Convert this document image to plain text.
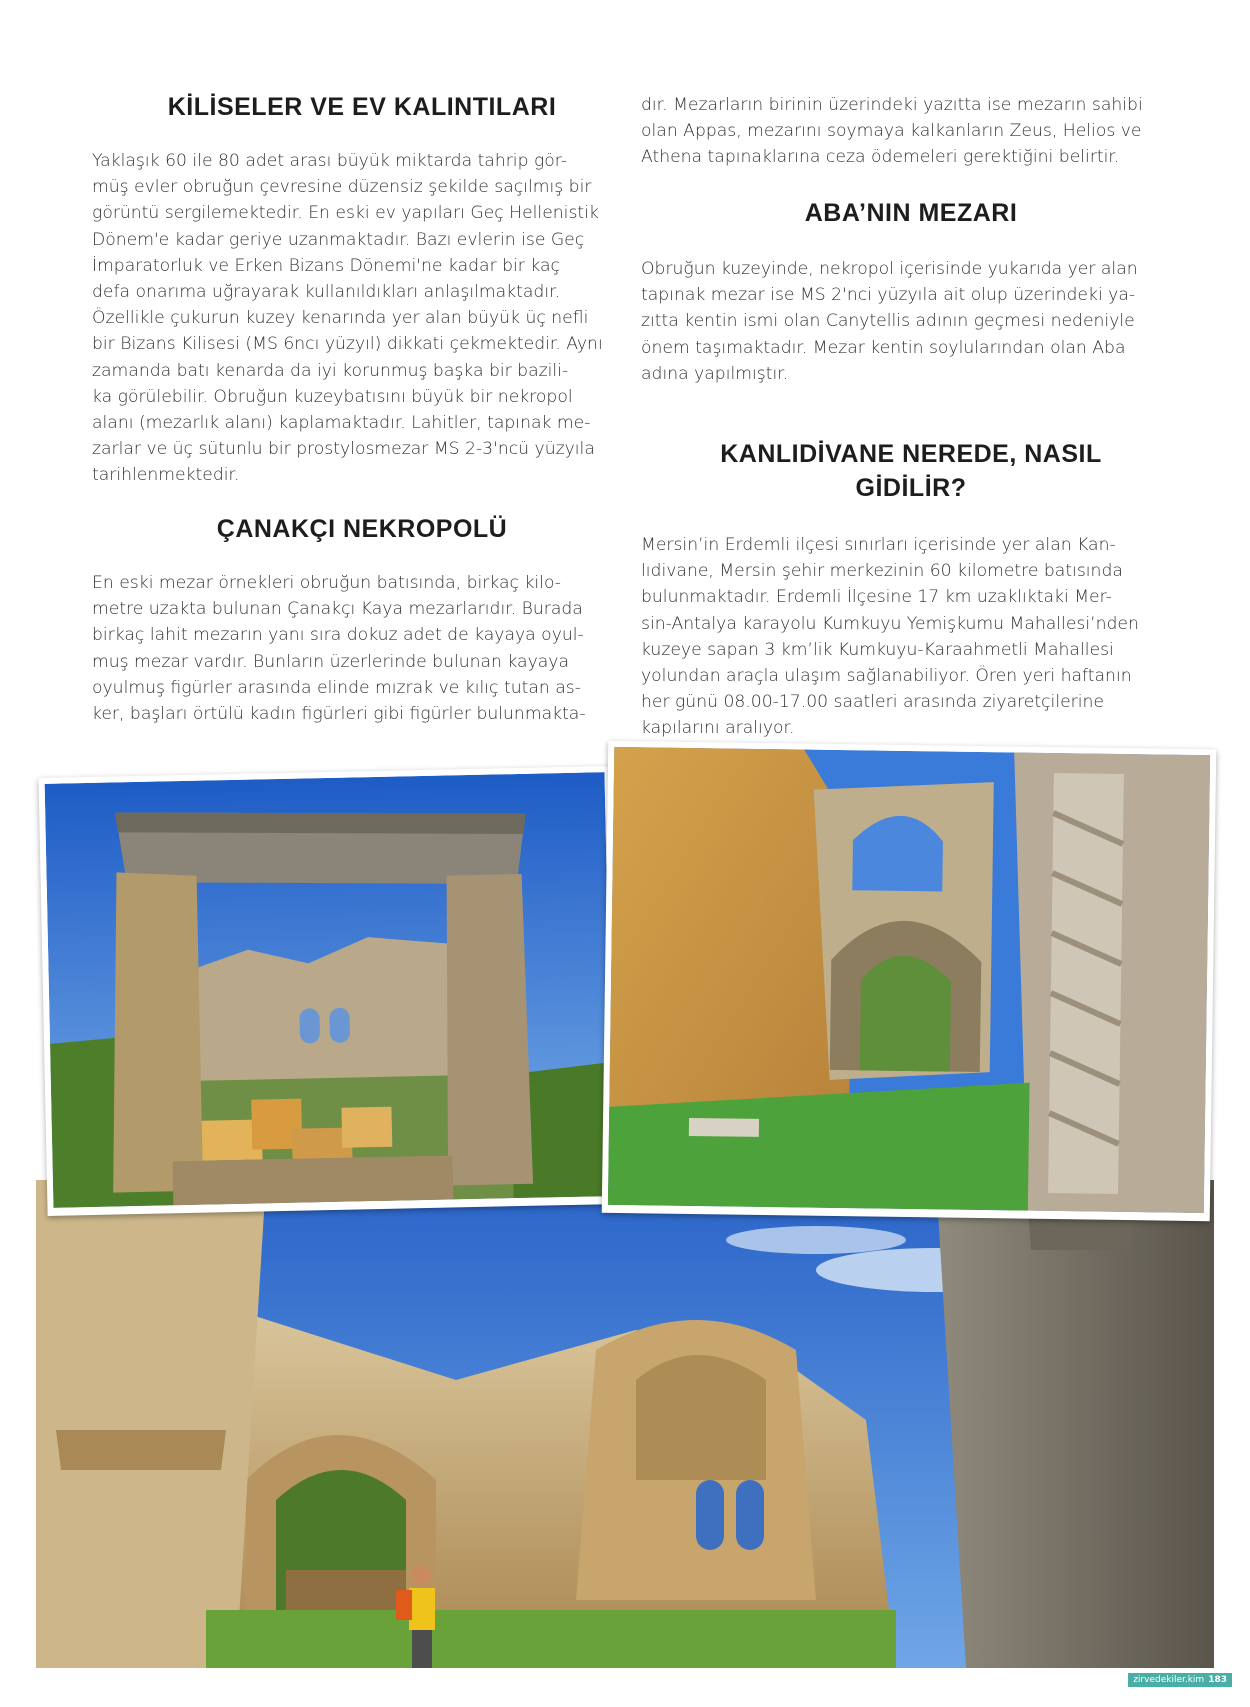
KİLİSELER VE EV KALINTILARI

Yaklaşık 60 ile 80 adet arası büyük miktarda tahrip gör-
müş evler obruğun çevresine düzensiz şekilde saçılmış bir
görüntü sergilemektedir. En eski ev yapıları Geç Hellenistik
Dönem'e kadar geriye uzanmaktadır. Bazı evlerin ise Geç
İmparatorluk ve Erken Bizans Dönemi'ne kadar bir kaç
defa onarıma uğrayarak kullanıldıkları anlaşılmaktadır.
Özellikle çukurun kuzey kenarında yer alan büyük üç nefli
bir Bizans Kilisesi (MS 6ncı yüzyıl) dikkati çekmektedir. Aynı
zamanda batı kenarda da iyi korunmuş başka bir bazili-
ka görülebilir. Obruğun kuzeybatısını büyük bir nekropol
alanı (mezarlık alanı) kaplamaktadır. Lahitler, tapınak me-
zarlar ve üç sütunlu bir prostylosmezar MS 2-3'ncü yüzyıla
tarihlenmektedir.

ÇANAKÇI NEKROPOLÜ

En eski mezar örnekleri obruğun batısında, birkaç kilo-
metre uzakta bulunan Çanakçı Kaya mezarlarıdır. Burada
birkaç lahit mezarın yanı sıra dokuz adet de kayaya oyul-
muş mezar vardır. Bunların üzerlerinde bulunan kayaya
oyulmuş figürler arasında elinde mızrak ve kılıç tutan as-
ker, başları örtülü kadın figürleri gibi figürler bulunmakta-

dır. Mezarların birinin üzerindeki yazıtta ise mezarın sahibi
olan Appas, mezarını soymaya kalkanların Zeus, Helios ve
Athena tapınaklarına ceza ödemeleri gerektiğini belirtir.

ABA’NIN MEZARI

Obruğun kuzeyinde, nekropol içerisinde yukarıda yer alan
tapınak mezar ise MS 2'nci yüzyıla ait olup üzerindeki ya-
zıtta kentin ismi olan Canytellis adının geçmesi nedeniyle
önem taşımaktadır. Mezar kentin soylularından olan Aba
adına yapılmıştır.

KANLIDİVANE NEREDE, NASIL
GİDİLİR?

Mersin’in Erdemli ilçesi sınırları içerisinde yer alan Kan-
lıdivane, Mersin şehir merkezinin 60 kilometre batısında
bulunmaktadır. Erdemli İlçesine 17 km uzaklıktaki Mer-
sin-Antalya karayolu Kumkuyu Yemişkumu Mahallesi’nden
kuzeye sapan 3 km’lik Kumkuyu-Karaahmetli Mahallesi
yolundan araçla ulaşım sağlanabiliyor. Ören yeri haftanın
her günü 08.00-17.00 saatleri arasında ziyaretçilerine
kapılarını aralıyor.

zirvedekiler.kim 183
